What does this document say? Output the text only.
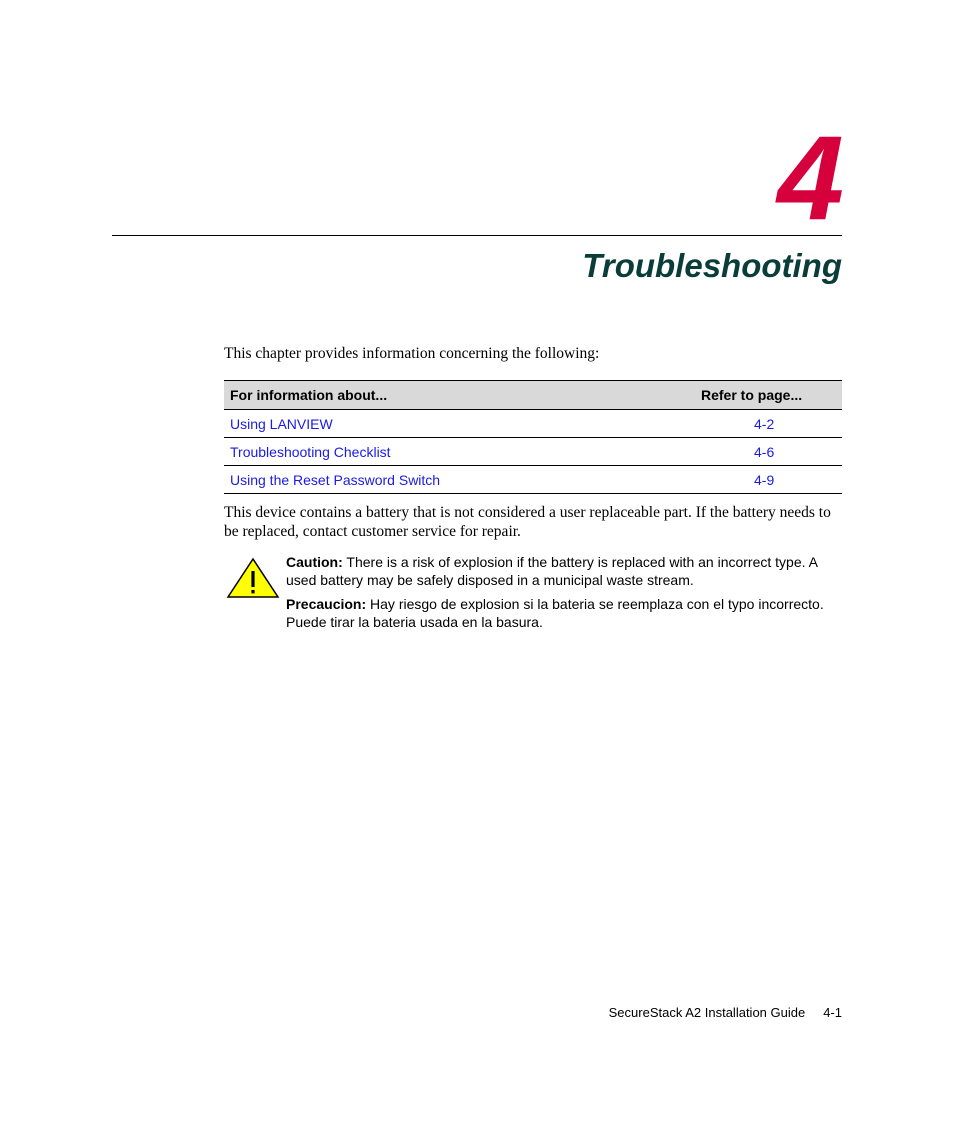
4
Troubleshooting
This chapter provides information concerning the following:
For information about...	Refer to page...
Using LANVIEW	4-2
Troubleshooting Checklist	4-6
Using the Reset Password Switch	4-9
This device contains a battery that is not considered a user replaceable part. If the battery needs to be replaced, contact customer service for repair.

Caution: There is a risk of explosion if the battery is replaced with an incorrect type. A used battery may be safely disposed in a municipal waste stream.

Precaucion: Hay riesgo de explosion si la bateria se reemplaza con el typo incorrecto. Puede tirar la bateria usada en la basura.

SecureStack A2 Installation Guide 4-1
